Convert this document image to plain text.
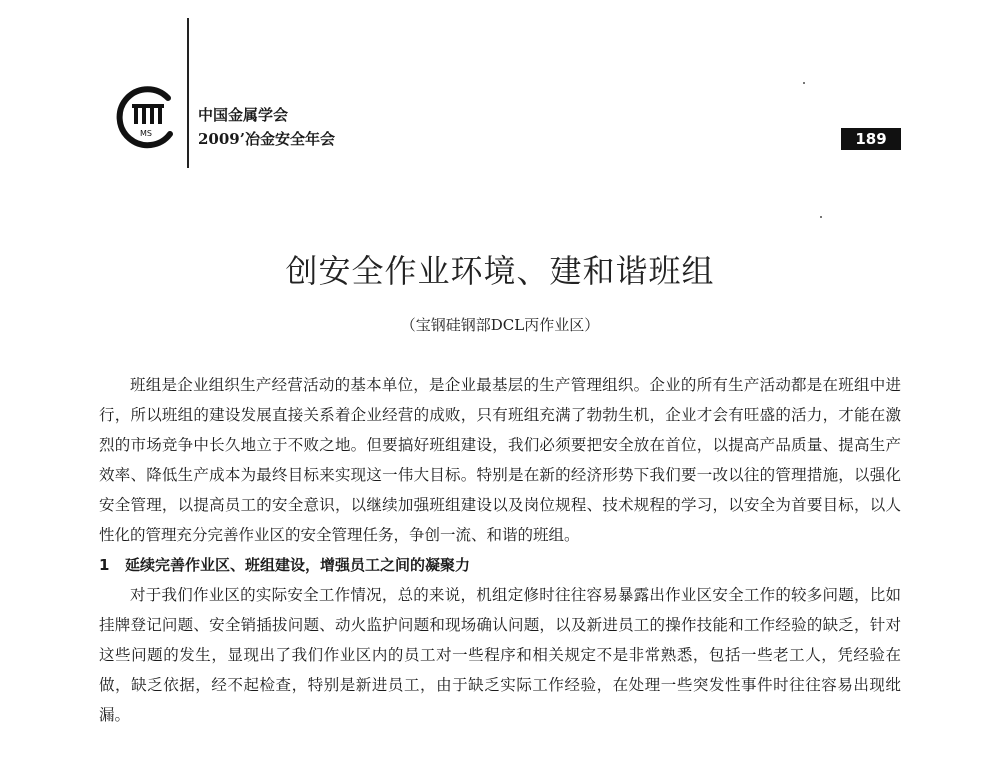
MS
中国金属学会
2009’冶金安全年会	189
创安全作业环境、建和谐班组
（宝钢硅钢部DCL丙作业区）

班组是企业组织生产经营活动的基本单位，是企业最基层的生产管理组织。企业的所有生产活动都是在班组中进行，所以班组的建设发展直接关系着企业经营的成败，只有班组充满了勃勃生机，企业才会有旺盛的活力，才能在激烈的市场竞争中长久地立于不败之地。但要搞好班组建设，我们必须要把安全放在首位，以提高产品质量、提高生产效率、降低生产成本为最终目标来实现这一伟大目标。特别是在新的经济形势下我们要一改以往的管理措施，以强化安全管理，以提高员工的安全意识，以继续加强班组建设以及岗位规程、技术规程的学习，以安全为首要目标，以人性化的管理充分完善作业区的安全管理任务，争创一流、和谐的班组。

1 延续完善作业区、班组建设，增强员工之间的凝聚力

对于我们作业区的实际安全工作情况，总的来说，机组定修时往往容易暴露出作业区安全工作的较多问题，比如挂牌登记问题、安全销插拔问题、动火监护问题和现场确认问题，以及新进员工的操作技能和工作经验的缺乏，针对这些问题的发生，显现出了我们作业区内的员工对一些程序和相关规定不是非常熟悉，包括一些老工人，凭经验在做，缺乏依据，经不起检查，特别是新进员工，由于缺乏实际工作经验，在处理一些突发性事件时往往容易出现纰漏。
